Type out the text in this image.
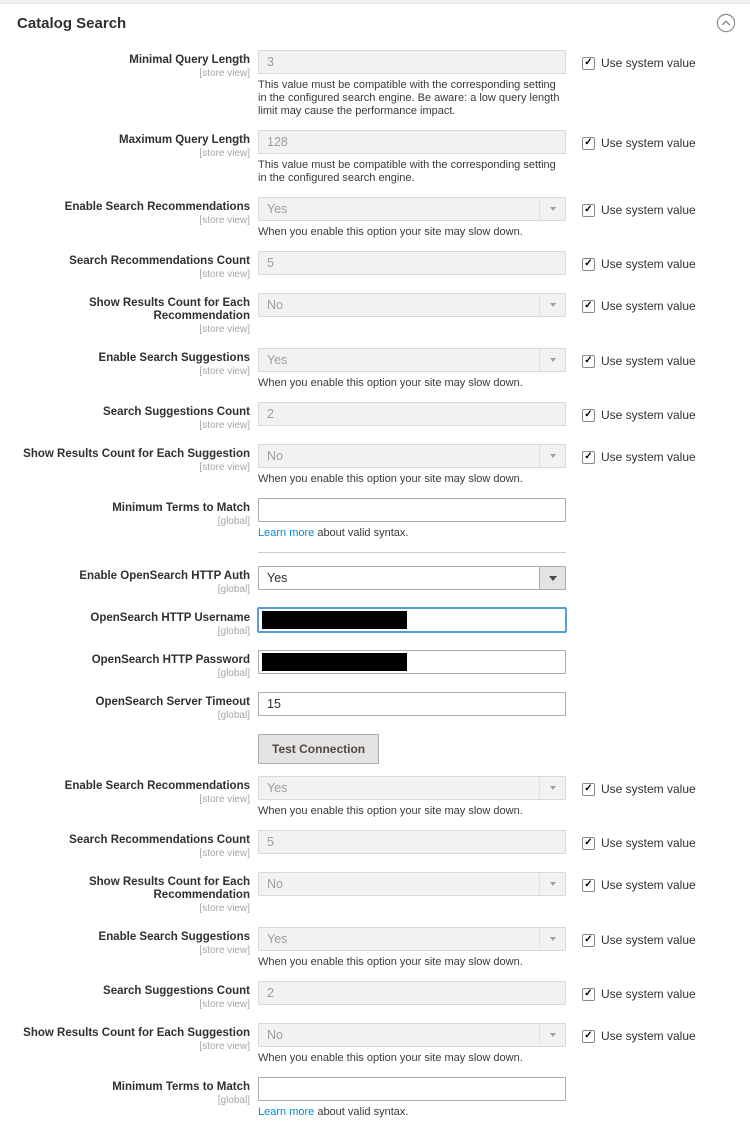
Catalog Search
Minimal Query Length
[store view]
3

This value must be compatible with the corresponding setting in the configured search engine. Be aware: a low query length limit may cause the performance impact.

✓
Use system value
Maximum Query Length
[store view]
128

This value must be compatible with the corresponding setting in the configured search engine.

✓
Use system value
Enable Search Recommendations
[store view]
Yes

When you enable this option your site may slow down.

✓
Use system value
Search Recommendations Count
[store view]
5
✓
Use system value
Show Results Count for Each Recommendation
[store view]
No ✓	Use system value
Enable Search Suggestions
[store view]
Yes

When you enable this option your site may slow down.

✓
Use system value
Search Suggestions Count
[store view]
2
✓
Use system value
Show Results Count for Each Suggestion
[store view]
No

When you enable this option your site may slow down.

✓
Use system value
Minimum Terms to Match
[global]

Learn more about valid syntax.

Enable OpenSearch HTTP Auth
[global]
Yes
OpenSearch HTTP Username
[global]
OpenSearch HTTP Password
[global]
OpenSearch Server Timeout
[global]
15
Test Connection
Enable Search Recommendations
[store view]
Yes

When you enable this option your site may slow down.

✓
Use system value
Search Recommendations Count
[store view]
5
✓
Use system value
Show Results Count for Each Recommendation
[store view]
No ✓	Use system value
Enable Search Suggestions
[store view]
Yes

When you enable this option your site may slow down.

✓
Use system value
Search Suggestions Count
[store view]
2
✓
Use system value
Show Results Count for Each Suggestion
[store view]
No

When you enable this option your site may slow down.

✓
Use system value
Minimum Terms to Match
[global]

Learn more about valid syntax.
